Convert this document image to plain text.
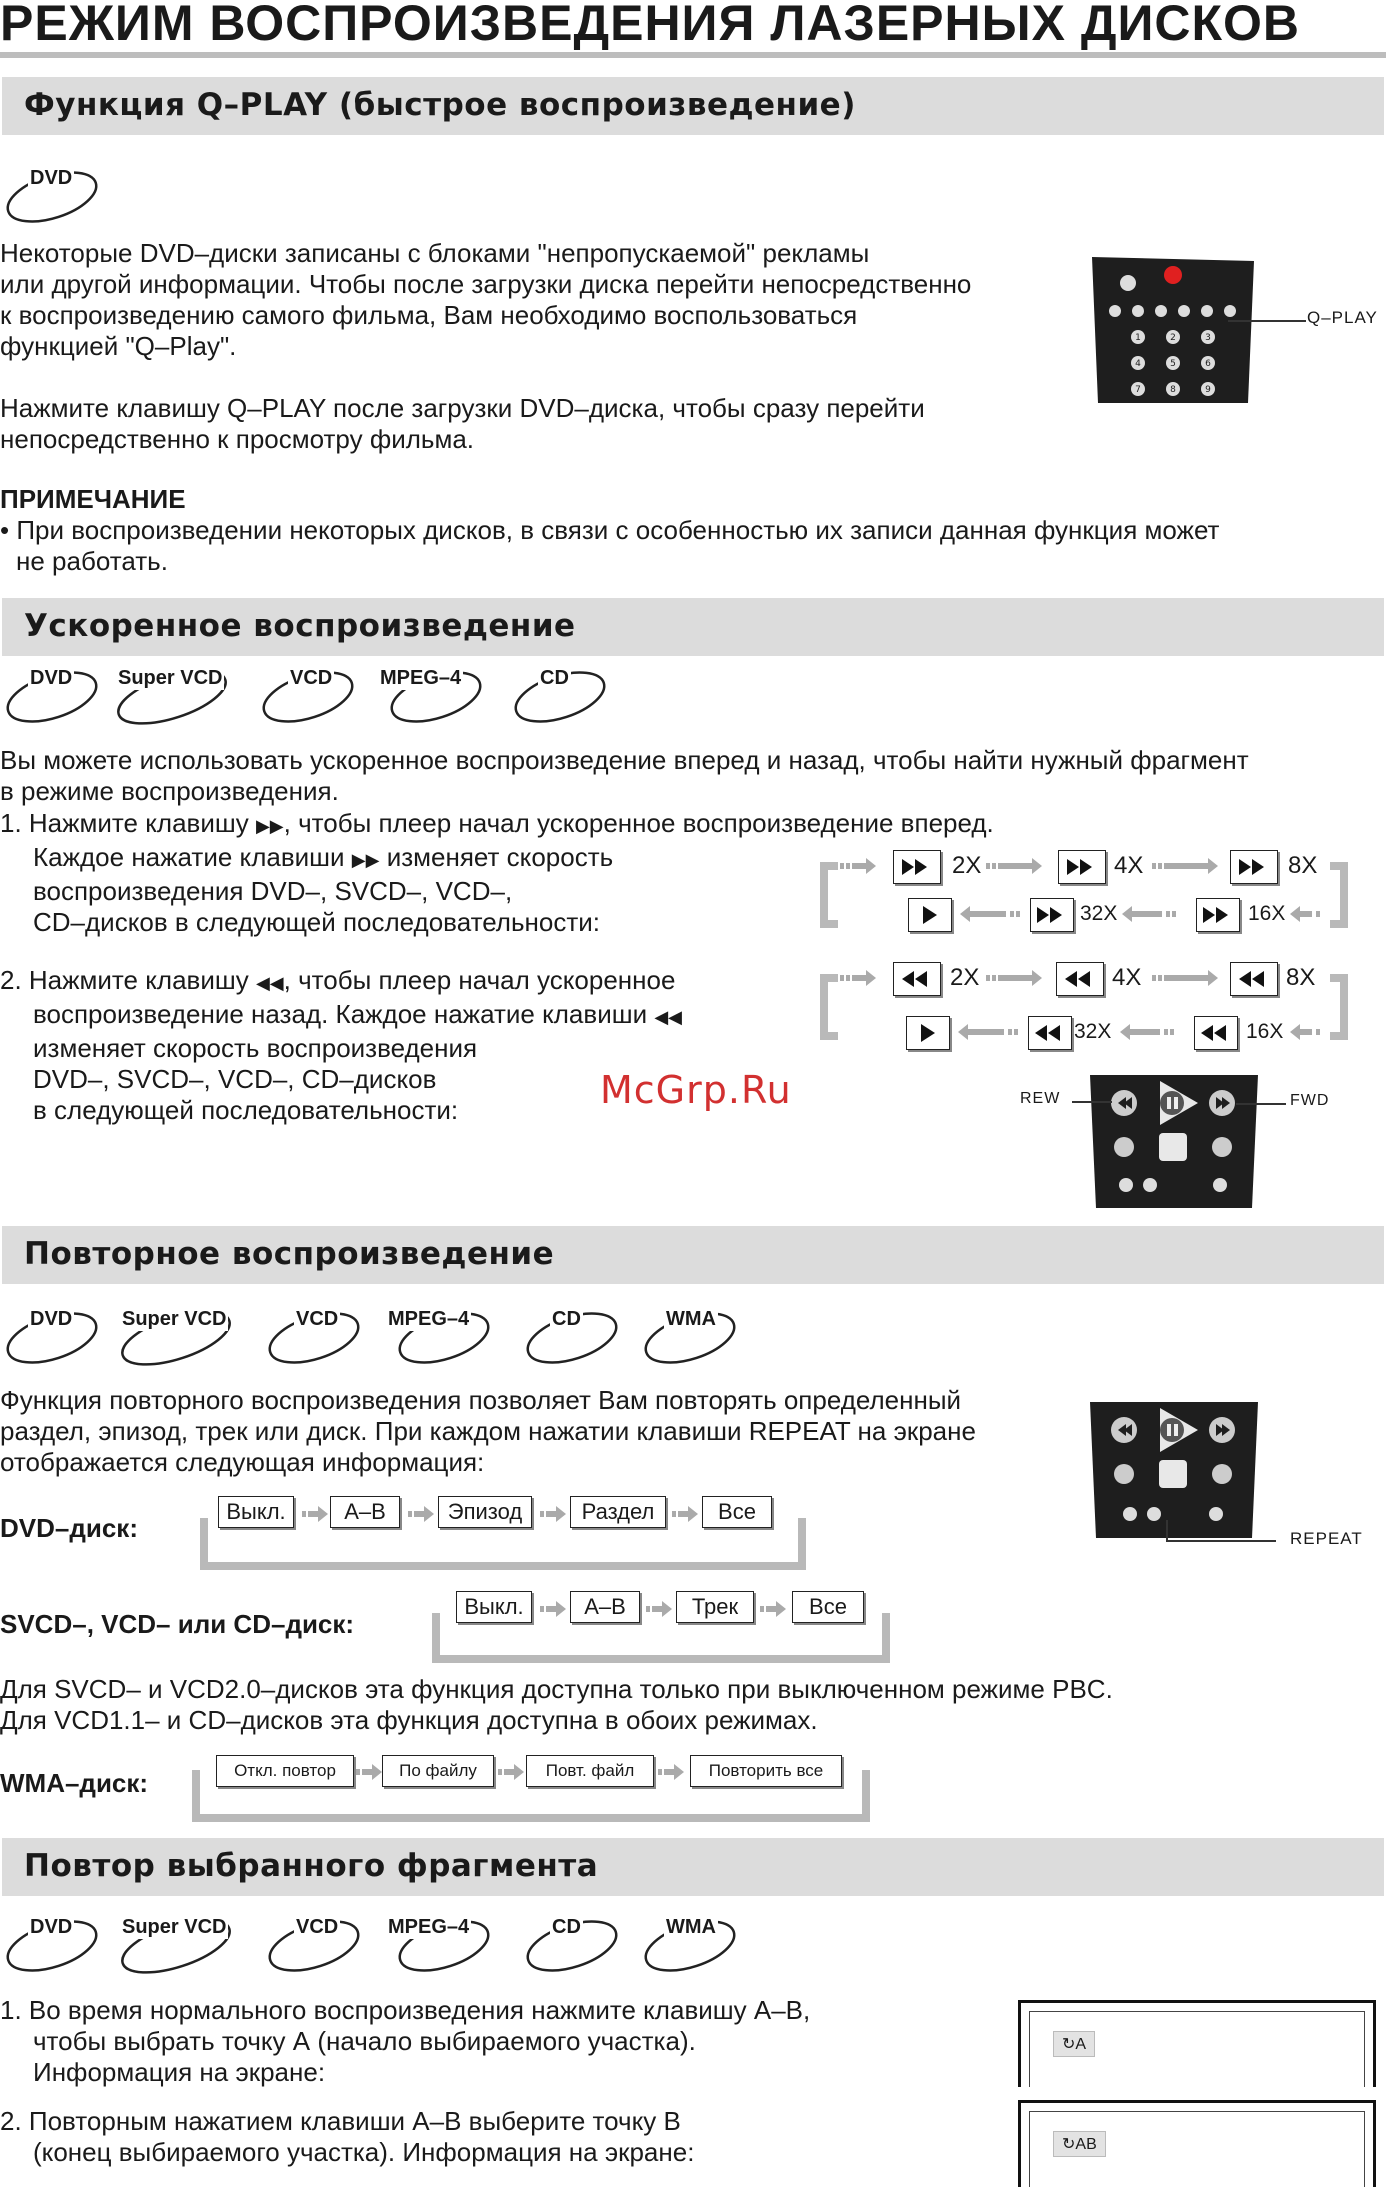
РЕЖИМ ВОСПРОИЗВЕДЕНИЯ ЛАЗЕРНЫХ ДИСКОВ
Функция Q–PLAY (быстрое воспроизведение)
DVD
Некоторые DVD–диски записаны с блоками "непропускаемой" рекламы
или другой информации. Чтобы после загрузки диска перейти непосредственно
к воспроизведению самого фильма, Вам необходимо воспользоваться
функцией "Q–Play".
Нажмите клавишу Q–PLAY после загрузки DVD–диска, чтобы сразу перейти
непосредственно к просмотру фильма.
ПРИМЕЧАНИЕ
• При воспроизведении некоторых дисков, в связи с особенностью их записи данная функция может
не работать.
1	2	3
4	5	6
7	8	9
Q–PLAY
Ускоренное воспроизведение
DVD Super VCD	VCD MPEG–4	CD
Вы можете использовать ускоренное воспроизведение вперед и назад, чтобы найти нужный фрагмент
в режиме воспроизведения.
1. Нажмите клавишу ▶▶, чтобы плеер начал ускоренное воспроизведение вперед.
Каждое нажатие клавиши ▶▶ изменяет скорость
воспроизведения DVD–, SVCD–, VCD–,
CD–дисков в следующей последовательности:
2. Нажмите клавишу ◀◀, чтобы плеер начал ускоренное
воспроизведение назад. Каждое нажатие клавиши ◀◀
изменяет скорость воспроизведения
DVD–, SVCD–, VCD–, CD–дисков
в следующей последовательности:
2X	4X	8X
32X	16X
2X	4X	8X
32X	16X
McGrp.Ru	REW	FWD
Повторное воспроизведение
DVD Super VCD	VCD MPEG–4	CD	WMA
Функция повторного воспроизведения позволяет Вам повторять определенный
раздел, эпизод, трек или диск. При каждом нажатии клавиши REPEAT на экране
отображается следующая информация:
REPEAT
DVD–диск:
Выкл.	А–В	Эпизод	Раздел	Все
SVCD–, VCD– или CD–диск:
Выкл.	А–В	Трек	Все
Для SVCD– и VCD2.0–дисков эта функция доступна только при выключенном режиме PBC.
Для VCD1.1– и CD–дисков эта функция доступна в обоих режимах.
WMA–диск:	Откл. повтор	По файлу	Повт. файл	Повторить все
Повтор выбранного фрагмента
DVD Super VCD	VCD MPEG–4	CD	WMA
1. Во время нормального воспроизведения нажмите клавишу A–B,
чтобы выбрать точку А (начало выбираемого участка).
Информация на экране:
2. Повторным нажатием клавиши A–B выберите точку В
(конец выбираемого участка). Информация на экране:
↻A
↻AB
